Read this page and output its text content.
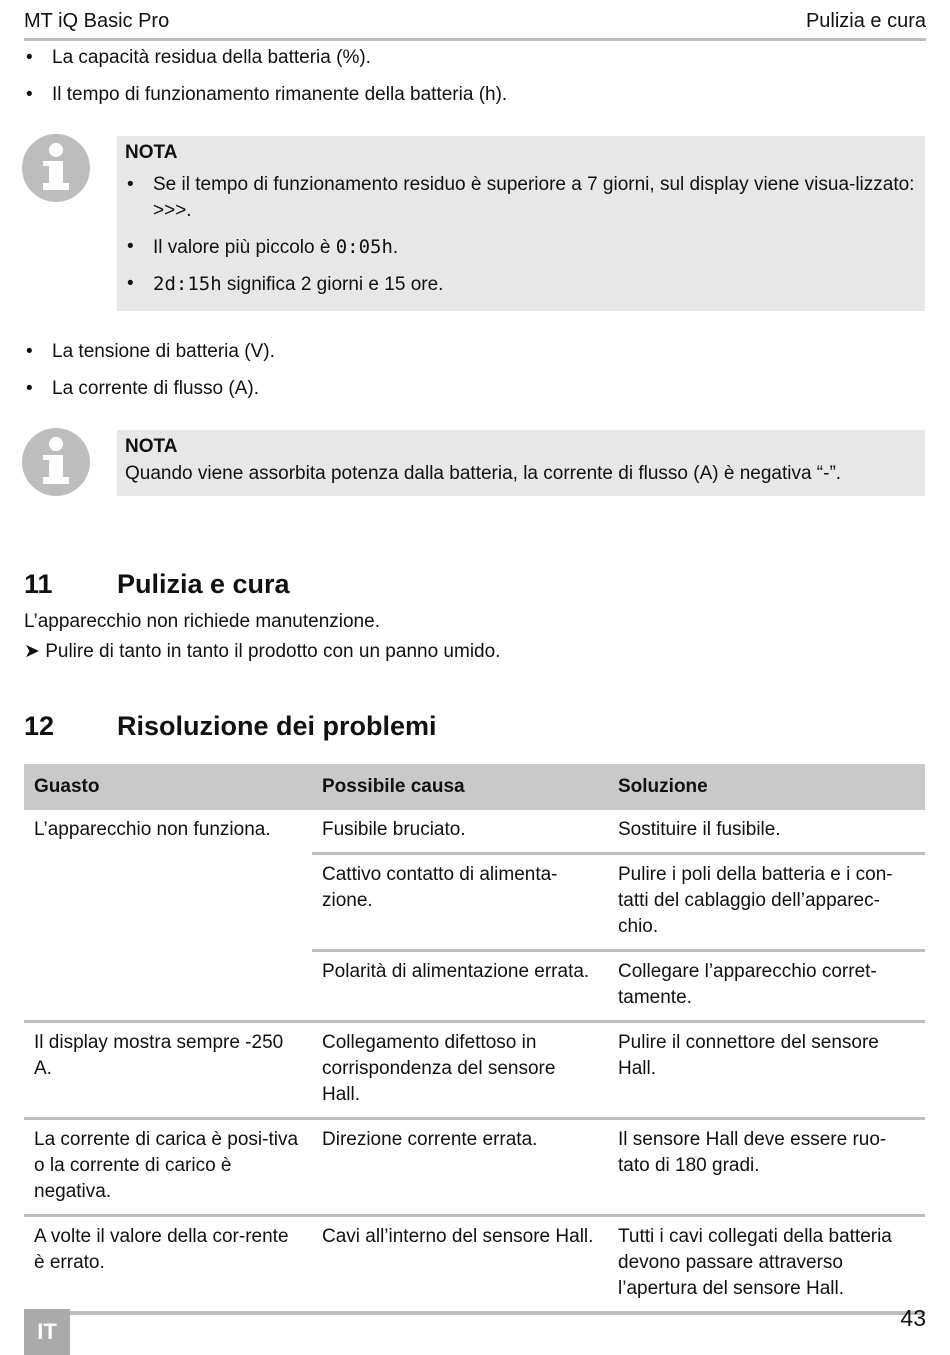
MT iQ Basic Pro	Pulizia e cura
• La capacità residua della batteria (%).
• Il tempo di funzionamento rimanente della batteria (h).
NOTA
• Se il tempo di funzionamento residuo è superiore a 7 giorni, sul display viene visua-lizzato: >>>.
• Il valore più piccolo è 0:05h.
• 2d:15h significa 2 giorni e 15 ore.
• La tensione di batteria (V).
• La corrente di flusso (A).
NOTA
Quando viene assorbita potenza dalla batteria, la corrente di flusso (A) è negativa “-”.
11 Pulizia e cura
L’apparecchio non richiede manutenzione.
➤ Pulire di tanto in tanto il prodotto con un panno umido.
12 Risoluzione dei problemi
Guasto	Possibile causa	Soluzione
L’apparecchio non funziona.	Fusibile bruciato.	Sostituire il fusibile.
	Cattivo contatto di alimenta-zione.	Pulire i poli della batteria e i con-tatti del cablaggio dell’apparec-chio.
	Polarità di alimentazione errata.	Collegare l’apparecchio corret-tamente.
Il display mostra sempre -250 A.	Collegamento difettoso in corrispondenza del sensore Hall.	Pulire il connettore del sensore Hall.
La corrente di carica è posi-tiva o la corrente di carico è negativa.	Direzione corrente errata.	Il sensore Hall deve essere ruo-tato di 180 gradi.
A volte il valore della cor-rente è errato.	Cavi all’interno del sensore Hall.	Tutti i cavi collegati della batteria devono passare attraverso l’apertura del sensore Hall.
IT
43
